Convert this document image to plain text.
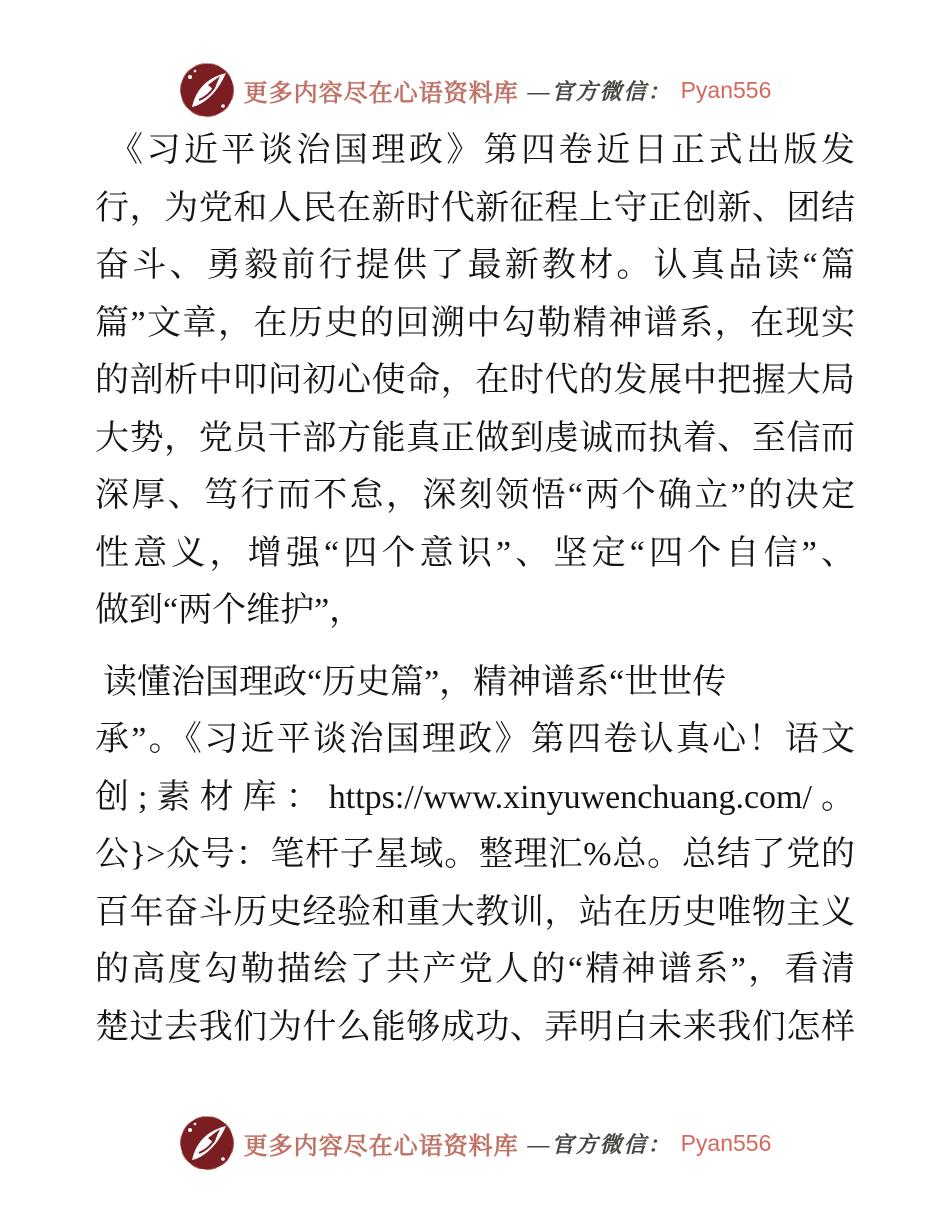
更多内容尽在心语资料库 —官方微信： Pyan556
《习近平谈治国理政》第四卷近日正式出版发
行，为党和人民在新时代新征程上守正创新、团结
奋斗、勇毅前行提供了最新教材。认真品读“篇
篇”文章，在历史的回溯中勾勒精神谱系，在现实
的剖析中叩问初心使命，在时代的发展中把握大局
大势，党员干部方能真正做到虔诚而执着、至信而
深厚、笃行而不怠，深刻领悟“两个确立”的决定
性意义，增强“四个意识”、坚定“四个自信”、
做到“两个维护”，
读懂治国理政“历史篇”，精神谱系“世世传
承”。《习近平谈治国理政》第四卷认真心！语文
创;素材库：https://www.xinyuwenchuang.com/。
公}>众号：笔杆子星域。整理汇%总。总结了党的
百年奋斗历史经验和重大教训，站在历史唯物主义
的高度勾勒描绘了共产党人的“精神谱系”，看清
楚过去我们为什么能够成功、弄明白未来我们怎样
更多内容尽在心语资料库 —官方微信： Pyan556
